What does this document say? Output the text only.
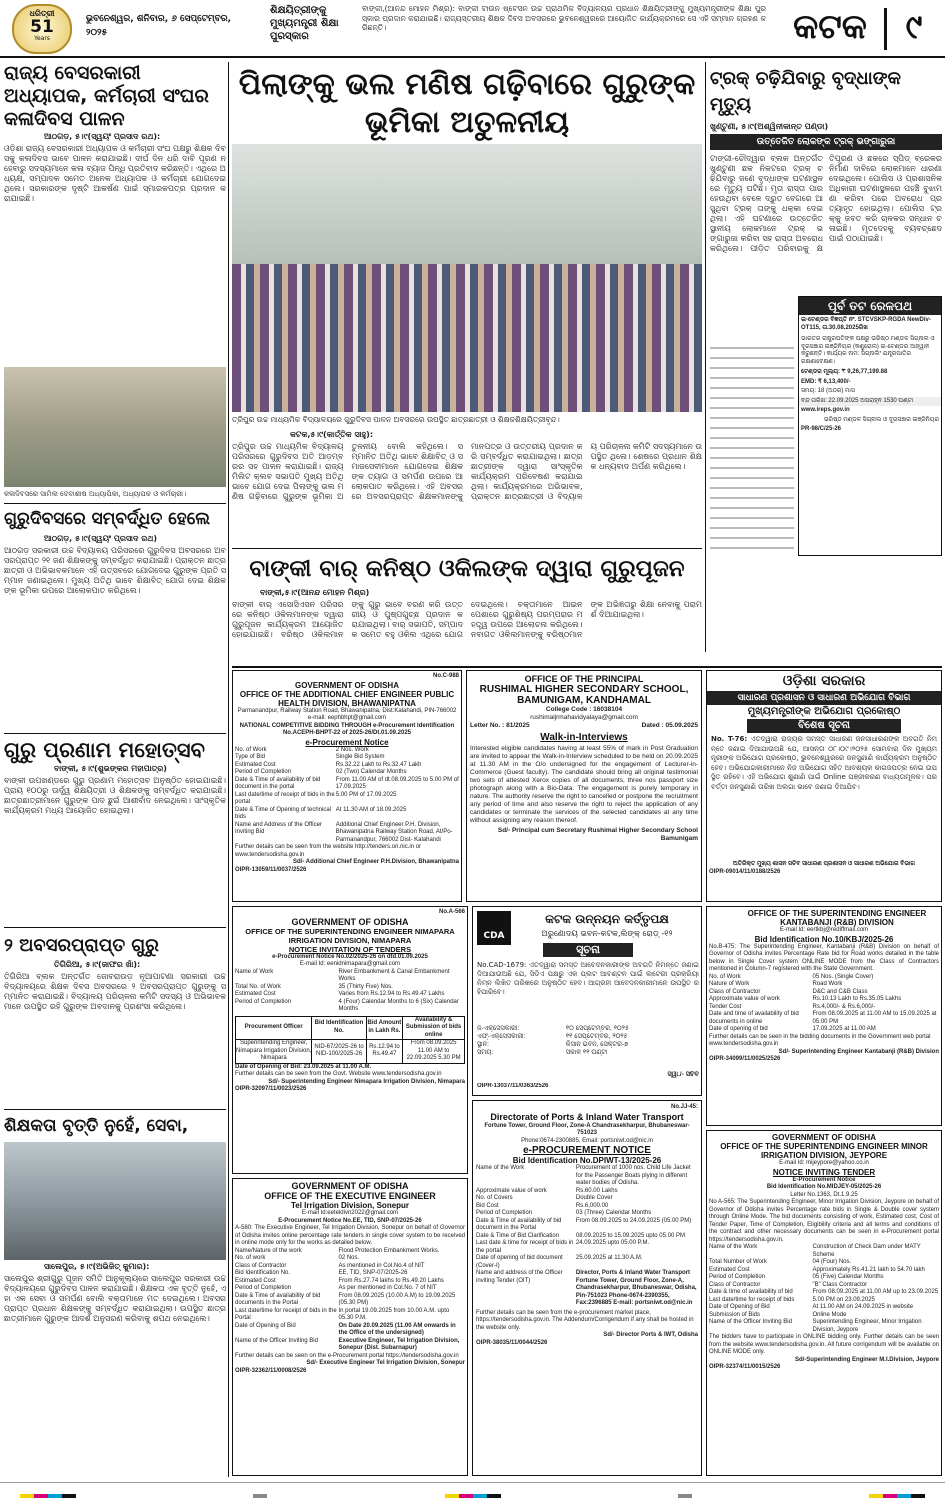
ଧରିତ୍ରୀ
51
Years
ଭୁବନେଶ୍ୱର, ଶନିବାର, ୬ ସେପ୍ଟେମ୍ବର, ୨୦୨୫
ଶିକ୍ଷୟିତ୍ରୀଙ୍କୁ ମୁଖ୍ୟମନ୍ତ୍ରୀ ଶିକ୍ଷା ପୁରସ୍କାର
ବାଙ୍କୀ,(ଆନନ୍ଦ ମୋହନ ମିଶ୍ର): ବାଙ୍କୀ ଟାଉନ ଷ୍ଟେସନ ଉଚ୍ଚ ପ୍ରାଥମିକ ବିଦ୍ୟାଳୟର ପ୍ରଧାନ ଶିକ୍ଷୟିତ୍ରୀଙ୍କୁ ମୁଖ୍ୟମନ୍ତ୍ରୀଙ୍କ ଶିକ୍ଷା ପୁରସ୍କାର ପ୍ରଦାନ କରାଯାଇଛି। ରାଜ୍ୟସ୍ତରୀୟ ଶିକ୍ଷକ ଦିବସ ଅବସରରେ ଭୁବନେଶ୍ୱରରେ ଆୟୋଜିତ କାର୍ଯ୍ୟକ୍ରମରେ ସେ ଏହି ସମ୍ମାନ ଗ୍ରହଣ କରିଛନ୍ତି।	କଟକ	୯
ରାଜ୍ୟ ବେସରକାରୀ ଅଧ୍ୟାପକ, କର୍ମଚାରୀ ସଂଘର କଳାଦିବସ ପାଳନ
ଆଠଗଡ଼, ୫।୯(ସ୍ୱୟଂ ପ୍ରସାଦ ରଥ):
ଓଡ଼ିଶା ରାଜ୍ୟ ବେସରକାରୀ ଅଧ୍ୟାପକ ଓ କର୍ମଚାରୀ ସଂଘ ପକ୍ଷରୁ ଶିକ୍ଷକ ଦିବସକୁ କଳାଦିବସ ଭାବେ ପାଳନ କରାଯାଇଛି। ଦୀର୍ଘ ଦିନ ଧରି ଦାବି ପୂରଣ ନ ହେବାରୁ ସଦସ୍ୟମାନେ କଳା ବ୍ୟାଜ ପିନ୍ଧି ପ୍ରତିବାଦ କରିଛନ୍ତି। ଏଥିରେ ଅଧ୍ୟକ୍ଷ, ସମ୍ପାଦକ ସମେତ ଅନେକ ଅଧ୍ୟାପକ ଓ କର୍ମଚାରୀ ଯୋଗଦେଇଥିଲେ। ସରକାରଙ୍କ ଦୃଷ୍ଟି ଆକର୍ଷଣ ପାଇଁ ସ୍ମାରକପତ୍ର ପ୍ରଦାନ କରାଯାଇଛି।
କଳାଦିବସରେ ସାମିଲ ଦେବାଶୀଷ ଅଧ୍ୟାପିକା, ଅଧ୍ୟାପକ ଓ କର୍ମଚାରୀ।
ଗୁରୁଦିବସରେ ସମ୍ବର୍ଦ୍ଧିତ ହେଲେ
ଆଠଗଡ଼, ୫।୯(ସ୍ୱୟଂ ପ୍ରସାଦ ରଥ)
ଆଠଗଡ଼ ସରକାରୀ ଉଚ୍ଚ ବିଦ୍ୟାଳୟ ପରିସରରେ ଗୁରୁଦିବସ ଅବସରରେ ଅବସରପ୍ରାପ୍ତ ୨୧ ଜଣ ଶିକ୍ଷକଙ୍କୁ ସମ୍ବର୍ଦ୍ଧିତ କରାଯାଇଛି। ପ୍ରାକ୍ତନ ଛାତ୍ରଛାତ୍ରୀ ଓ ଅଭିଭାବକମାନେ ଏହି ଉତ୍ସବରେ ଯୋଗଦେଇ ଗୁରୁଙ୍କ ପ୍ରତି ସମ୍ମାନ ଜଣାଇଥିଲେ। ମୁଖ୍ୟ ଅତିଥି ଭାବେ ଶିକ୍ଷାବିତ୍ ଯୋଗ ଦେଇ ଶିକ୍ଷକଙ୍କ ଭୂମିକା ଉପରେ ଆଲୋକପାତ କରିଥିଲେ।
ଗୁରୁ ପ୍ରଣାମ ମହୋତ୍ସବ
ବାଙ୍କୀ, ୫।୯(ଶୁଭଙ୍କର ମହାପାତ୍ର)
ବାଙ୍କୀ ଉପଖଣ୍ଡରେ ଗୁରୁ ପ୍ରଣାମ ମହୋତ୍ସବ ଅନୁଷ୍ଠିତ ହୋଇଯାଇଛି। ପ୍ରାୟ ୧୦୦ରୁ ଊର୍ଦ୍ଧ୍ୱ ଶିକ୍ଷୟିତ୍ରୀ ଓ ଶିକ୍ଷକଙ୍କୁ ସମ୍ବର୍ଦ୍ଧିତ କରାଯାଇଛି। ଛାତ୍ରଛାତ୍ରୀମାନେ ଗୁରୁଙ୍କ ପାଦ ଛୁଇଁ ଆଶୀର୍ବାଦ ନେଇଥିଲେ। ସାଂସ୍କୃତିକ କାର୍ଯ୍ୟକ୍ରମ ମଧ୍ୟ ଆୟୋଜିତ ହୋଇଥିଲା।
୨ ଅବସରପ୍ରାପ୍ତ ଗୁରୁ
ତିଗିରିଆ, ୫।୯(ଜାଫର ଖାଁ):
ତିଗିରିଆ ବ୍ଲକ ଅନ୍ତର୍ଗତ ଜୋବରାଉଡ଼ ନୂଆପାଟଣା ସରକାରୀ ଉଚ୍ଚ ବିଦ୍ୟାଳୟରେ ଶିକ୍ଷକ ଦିବସ ଅବସରରେ ୨ ଅବସରପ୍ରାପ୍ତ ଗୁରୁଙ୍କୁ ସମ୍ମାନିତ କରାଯାଇଛି। ବିଦ୍ୟାଳୟ ପରିଚାଳନା କମିଟି ସଦସ୍ୟ ଓ ଅଭିଭାବକମାନେ ଉପସ୍ଥିତ ରହି ଗୁରୁଙ୍କ ଅବଦାନକୁ ପ୍ରଶଂସା କରିଥିଲେ।
ଶିକ୍ଷକତା ବୃତ୍ତି ନୁହେଁ, ସେବା,
ସାଲେପୁର, ୫।୯(ଅଭିଜିତ୍ କୁମାର):
ସାଲେପୁର ଶ୍ରୀଗୁରୁ ପୂଜନ ସମିତି ଆନୁକୂଲ୍ୟରେ ସାଲେପୁର ସରକାରୀ ଉଚ୍ଚ ବିଦ୍ୟାଳୟରେ ଗୁରୁଦିବସ ପାଳନ କରାଯାଇଛି। ଶିକ୍ଷକତା ଏକ ବୃତ୍ତି ନୁହେଁ, ଏହା ଏକ ସେବା ଓ ସମର୍ପଣ ବୋଲି ବକ୍ତାମାନେ ମତ ଦେଇଥିଲେ। ଅବସରପ୍ରାପ୍ତ ପ୍ରଧାନ ଶିକ୍ଷକଙ୍କୁ ସମ୍ବର୍ଦ୍ଧିତ କରାଯାଇଥିଲା। ଉପସ୍ଥିତ ଛାତ୍ରଛାତ୍ରୀମାନେ ଗୁରୁଙ୍କ ଆଦର୍ଶ ଅନୁସରଣ କରିବାକୁ ଶପଥ ନେଇଥିଲେ।
ପିଲାଙ୍କୁ ଭଲ ମଣିଷ ଗଢ଼ିବାରେ ଗୁରୁଙ୍କ ଭୂମିକା ଅତୁଳନୀୟ
ତ୍ରିପୁର ଉଚ୍ଚ ମାଧ୍ୟମିକ ବିଦ୍ୟାଳୟରେ ଗୁରୁଦିବସ ପାଳନ ଅବସରରେ ଉପସ୍ଥିତ ଛାତ୍ରଛାତ୍ରୀ ଓ ଶିକ୍ଷକଶିକ୍ଷୟିତ୍ରୀବୃନ୍ଦ।
କଟକ,୫।୯(କାର୍ତ୍ତିକ ସାହୁ):
ତ୍ରିପୁର ଉଚ୍ଚ ମାଧ୍ୟମିକ ବିଦ୍ୟାଳୟ ପରିସରରେ ଗୁରୁଦିବସ ଅତି ଆଡ଼ମ୍ବରର ସହ ପାଳନ କରାଯାଇଛି। ରାଜ୍ୟ ମିଲିଟ କ୍ଲବ ସଭାପତି ମୁଖ୍ୟ ଅତିଥି ଭାବେ ଯୋଗ ଦେଇ ପିଲାଙ୍କୁ ଭଲ ମଣିଷ ଗଢ଼ିବାରେ ଗୁରୁଙ୍କ ଭୂମିକା ଅତୁଳନୀୟ ବୋଲି କହିଥିଲେ। ସମ୍ମାନିତ ଅତିଥି ଭାବେ ଶିକ୍ଷାବିତ୍ ଓ ସମାଜସେବୀମାନେ ଯୋଗଦେଇ ଶିକ୍ଷକଙ୍କ ତ୍ୟାଗ ଓ ସମର୍ପଣ ଉପରେ ଆଲୋକପାତ କରିଥିଲେ। ଏହି ଅବସରରେ ଅବସରପ୍ରାପ୍ତ ଶିକ୍ଷକମାନଙ୍କୁ ମାନପତ୍ର ଓ ଉତ୍ତରୀୟ ପ୍ରଦାନ କରି ସମ୍ବର୍ଦ୍ଧିତ କରାଯାଇଥିଲା। ଛାତ୍ରଛାତ୍ରୀଙ୍କ ଦ୍ୱାରା ସାଂସ୍କୃତିକ କାର୍ଯ୍ୟକ୍ରମ ପରିବେଷଣ କରାଯାଇଥିଲା। କାର୍ଯ୍ୟକ୍ରମରେ ଅଭିଭାବକ, ପ୍ରାକ୍ତନ ଛାତ୍ରଛାତ୍ରୀ ଓ ବିଦ୍ୟାଳୟ ପରିଚାଳନା କମିଟି ସଦସ୍ୟମାନେ ଉପସ୍ଥିତ ଥିଲେ। ଶେଷରେ ପ୍ରଧାନ ଶିକ୍ଷକ ଧନ୍ୟବାଦ ଅର୍ପଣ କରିଥିଲେ।
ଟ୍ରକ୍ ଚଢ଼ିଯିବାରୁ ବୃଦ୍ଧାଙ୍କ ମୃତ୍ୟୁ
ଖୁଣ୍ଟୁଣୀ, ୫।୯(ଅଶ୍ୱିନୀକାନ୍ତ ପଣ୍ଡା)
ଉତ୍ତେଜିତ ଲୋକଙ୍କ ଟ୍ରକ୍ ଭଙ୍ଗାରୁଜା
ଟାଙ୍ଗୀ-ଚୌଦ୍ୱାର ବ୍ଲକ ଅନ୍ତର୍ଗତ ଖୁଣ୍ଟୁଣୀ ଛକ ନିକଟରେ ଟ୍ରକ୍ ଚଢ଼ିଯିବାରୁ ଜଣେ ବୃଦ୍ଧାଙ୍କ ଘଟଣାସ୍ଥଳରେ ମୃତ୍ୟୁ ଘଟିଛି। ମୃତା ରାସ୍ତା ପାର ହେଉଥିବା ବେଳେ ଦ୍ରୁତ ବେଗରେ ଆସୁଥିବା ଟ୍ରକ୍ ତାଙ୍କୁ ଧକ୍କା ଦେଇଥିଲା। ଏହି ଘଟଣାରେ ଉତ୍ତେଜିତ ସ୍ଥାନୀୟ ଲୋକମାନେ ଟ୍ରକ୍ ଭଙ୍ଗାରୁଜା କରିବା ସହ ରାସ୍ତା ଅବରୋଧ କରିଥିଲେ। ପୀଡ଼ିତ ପରିବାରକୁ କ୍ଷତିପୂରଣ ଓ ଛକରେ ସ୍ପିଡ୍ ବ୍ରେକର ନିର୍ମାଣ ଦାବିରେ ଲୋକମାନେ ଧାରଣା ଦେଇଥିଲେ। ପୋଲିସ ଓ ପ୍ରଶାସନିକ ଅଧିକାରୀ ଘଟଣାସ୍ଥଳରେ ପହଞ୍ଚି ବୁଝାମଣା କରିବା ପରେ ଅବରୋଧ ପ୍ରତ୍ୟାହୃତ ହୋଇଥିଲା। ପୋଲିସ ଟ୍ରକ୍କୁ ଜବତ କରି ଚାଳକର ସନ୍ଧାନ ଚଳାଇଛି। ମୃତଦେହକୁ ବ୍ୟବଚ୍ଛେଦ ପାଇଁ ପଠାଯାଇଛି।
ପୂର୍ବ ତଟ ରେଳପଥ
ଇ-ଟେଣ୍ଡର ବିଜ୍ଞପ୍ତି ନଂ. STCVSKP-RGDA NewDiv-OT115, ତା.30.08.2025ରିଖ
ଭାରତର ରାଷ୍ଟ୍ରପତିଙ୍କ ପକ୍ଷରୁ ଭରିଷ୍ଠ ମଣ୍ଡଳ ସିଗ୍ନାଲ ଓ ଦୂରସଞ୍ଚାର ଇଞ୍ଜିନିୟର (କଣ୍ଟ୍ରୋଲ) ଇ-ଟେଣ୍ଡର ଆହ୍ୱାନ କରୁଛନ୍ତି। କାର୍ଯ୍ୟର ନାମ: ସିଗ୍ନାଲିଂ ଯନ୍ତ୍ରପାତିର ରକ୍ଷଣାବେକ୍ଷଣ।
ଟେଣ୍ଡର ମୂଲ୍ୟ: ₹ 9,26,77,199.88
EMD: ₹ 6,13,400/-
ସମୟ: 18 (ଅଠର) ମାସ
ବନ୍ଦ ତାରିଖ: 22.09.2025 ଅପରାହ୍ନ 1530 ଘଣ୍ଟା
www.ireps.gov.in
ଭରିଷ୍ଠ ମଣ୍ଡଳ ସିଗ୍ନାଲ ଓ ଦୂରସଞ୍ଚାର ଇଞ୍ଜିନିୟର
PR-98/C/25-26
ବାଙ୍କୀ ବାର୍ କନିଷ୍ଠ ଓକିଲଙ୍କ ଦ୍ୱାରା ଗୁରୁପୂଜନ
ବାଙ୍କୀ,୫।୯(ଆନନ୍ଦ ମୋହନ ମିଶ୍ର)
ବାଙ୍କୀ ବାର୍ ଏସୋସିଏସନ ପରିସରରେ କନିଷ୍ଠ ଓକିଲମାନଙ୍କ ଦ୍ୱାରା ଗୁରୁପୂଜନ କାର୍ଯ୍ୟକ୍ରମ ଆୟୋଜିତ ହୋଇଯାଇଛି। ବରିଷ୍ଠ ଓକିଲମାନଙ୍କୁ ଗୁରୁ ଭାବେ ବରଣ କରି ଉତ୍ତରୀୟ ଓ ପୁଷ୍ପଗୁଚ୍ଛ ପ୍ରଦାନ କରାଯାଇଥିଲା। ବାର୍ ସଭାପତି, ସମ୍ପାଦକ ସମେତ ବହୁ ଓକିଲ ଏଥିରେ ଯୋଗଦେଇଥିଲେ। ବକ୍ତାମାନେ ଆଇନ ପେଶାରେ ଗୁରୁଶିଷ୍ୟ ପରମ୍ପରାର ମହତ୍ତ୍ୱ ଉପରେ ଆଲୋଚନା କରିଥିଲେ। ନବାଗତ ଓକିଲମାନଙ୍କୁ ବରିଷ୍ଠମାନଙ୍କ ଅଭିଜ୍ଞତାରୁ ଶିକ୍ଷା ନେବାକୁ ପରାମର୍ଶ ଦିଆଯାଇଥିଲା।
No.C-988
GOVERNMENT OF ODISHA
OFFICE OF THE ADDITIONAL CHIEF ENGINEER PUBLIC HEALTH DIVISION, BHAWANIPATNA
Parmanandpur, Railway Station Road, Bhawanipatna, Dist:Kalahandi, PIN-766002
e-mail: eephbhpt@gmail.com
NATIONAL COMPETITIVE BIDDING THROUGH e-Procurement Identification No.ACEPH-BHPT-22 of 2025-26/Dt.01.09.2025
e-Procurement Notice
No. of Work	2 Nos. Work
Type of Bid	Single Bid System
Estimated Cost	Rs.32.22 Lakh to Rs.32.47 Lakh
Period of Completion	02 (Two) Calendar Months
Date & Time of availability of bid document in the portal
From 11.00 AM of dt.08.09.2025 to 5.00 PM of 17.09.2025
Last date/time of receipt of bids in the portal
5.00 PM of 17.09.2025
Date & Time of Opening of technical bids
At 11.30 AM of 18.09.2025
Name and Address of the Officer Inviting Bid
Additional Chief Engineer P.H. Division, Bhawanipatna Railway Station Road, At/Po- Parmanandpur, 766002 Dist- Kalahandi
Further details can be seen from the website http://tenders.ori.nic.in or www.tendersodisha.gov.in
Sd/- Additional Chief Engineer P.H.Division, Bhawanipatna
OIPR-13059/11/0037/2526
OFFICE OF THE PRINCIPAL
RUSHIMAL HIGHER SECONDARY SCHOOL, BAMUNIGAM, KANDHAMAL
College Code : 16038104
rushimaljrmahavidyalaya@gmail.com
Letter No. : 81/2025	Dated : 05.09.2025
Walk-in-Interviews
Interested eligible candidates having at least 55% of mark in Post Graduation are invited to appear the Walk-in-Interview scheduled to be held on 20.09.2025 at 11.30 AM in the O/o undersigned for the engagement of Lecturer-in-Commerce (Guest faculty). The candidate should bring all original testimonial two sets of attested Xerox copies of all documents, three nos passport size photograph along with a Bio-Data. The engagement is purely temporary in nature. The authority reserve the right to cancelled or postpone the recruitment any period of time and also reserve the right to reject the application of any candidates or terminate the services of the selected candidates at any time without assigning any reason thereof.
Sd/- Principal cum Secretary Rushimal Higher Secondary School Bamunigam
ଓଡ଼ିଶା ସରକାର
ସାଧାରଣ ପ୍ରଶାସନ ଓ ସାଧାରଣ ଅଭିଯୋଗ ବିଭାଗ
ମୁଖ୍ୟମନ୍ତ୍ରୀଙ୍କ ଅଭିଯୋଗ ପ୍ରକୋଷ୍ଠ
ବିଶେଷ ସୂଚନା
No. T-76: ଏତଦ୍ୱାରା ରାଜ୍ୟର ସମସ୍ତ ସାଧାରଣ ଜନସାଧାରଣଙ୍କ ଅବଗତି ନିମନ୍ତେ ଜଣାଇ ଦିଆଯାଉଅଛି ଯେ, ଆସନ୍ତା ୦୮।୦୯।୨୦୨୫ ସୋମବାର ଦିନ ମୁଖ୍ୟମନ୍ତ୍ରୀଙ୍କ ଅଭିଯୋଗ ପ୍ରକୋଷ୍ଠ, ଭୁବନେଶ୍ୱରରେ ଜନସୁଣାଣି କାର୍ଯ୍ୟକ୍ରମ ଅନୁଷ୍ଠିତ ହେବ। ଅଭିଯୋଗକାରୀମାନେ ନିଜ ଅଭିଯୋଗ ସହିତ ଆବଶ୍ୟକ କାଗଜପତ୍ର ନେଇ ଉପସ୍ଥିତ ରହିବେ। ଏହି ଅଭିଯୋଗ ଶୁଣାଣି ପାଇଁ Online ପଞ୍ଜୀକରଣ ବାଧ୍ୟତାମୂଳକ। ପରବର୍ତ୍ତୀ ଜନସୁଣାଣି ତାରିଖ ଅଲଗା ଭାବେ ଜଣାଇ ଦିଆଯିବ।
ଅତିରିକ୍ତ ମୁଖ୍ୟ ଶାସନ ସଚିବ ସାଧାରଣ ପ୍ରଶାସନ ଓ ସାଧାରଣ ଅଭିଯୋଗ ବିଭାଗ
OIPR-09014/11/0188/2526
No.A-566
GOVERNMENT OF ODISHA
OFFICE OF THE SUPERINTENDING ENGINEER NIMAPARA IRRIGATION DIVISION, NIMAPARA
NOTICE INVITATION OF TENDERS
e-Procurement Notice No.02/2025-26 on dtd.01.09.2025
E-mail Id: eenidnimapara@gmail.com
Name of Work	River Embankment & Canal Embankment Works
Total No. of Work	35 (Thirty Five) Nos.
Estimated Cost	Varies from Rs.12.94 to Rs.49.47 Lakhs
Period of Completion	4 (Four) Calendar Months to 6 (Six) Calendar Months
Procurement Officer	Bid Identification No.	Bid Amount in Lakh Rs.	Availability & Submission of bids online
Superintending Engineer, Nimapara Irrigation Division, Nimapara	NID-67/2025-26 to NID-100/2025-26	Rs.12.94 to Rs.49.47	From 08.09.2025 11.00 AM to 22.09.2025 5.30 PM
Date of Opening of Bid: 23.09.2025 at 11.00 A.M.
Further details can be seen from the Govt. Website www.tendersodisha.gov.in
Sd/- Superintending Engineer Nimapara Irrigation Division, Nimapara
OIPR-32097/11/0023/2526
CDA
କଟକ ଉନ୍ନୟନ କର୍ତ୍ତୃପକ୍ଷ
ଅରୁଣୋଦୟ ଭବନ-କଟକ,ଲିଙ୍କ୍ ରୋଡ଼୍ -୧୨
ସୂଚନା
No.CAD-1679: ଏତଦ୍ୱାରା ସମସ୍ତ ଆବେଦନକାରୀଙ୍କ ଅବଗତି ନିମନ୍ତେ ଜଣାଇ ଦିଆଯାଉଅଛି ଯେ, ସିଡିଏ ପକ୍ଷରୁ ଏକ ପ୍ଲଟ ଆବଣ୍ଟନ ପାଇଁ ଲଟେରୀ ପ୍ରକ୍ରିୟା ନିମ୍ନ ଲିଖିତ ତାରିଖରେ ଅନୁଷ୍ଠିତ ହେବ। ଆଗ୍ରହୀ ଆବେଦନକାରୀମାନେ ଉପସ୍ଥିତ ରହିପାରିବେ।
ଜି-ଏକ୍ସେସକାରୀ:	୧୦ ସେପ୍ଟେମ୍ବର, ୨୦୨୫
ଏଫ୍-ଏକ୍ସେସକାରୀ:	୧୧ ସେପ୍ଟେମ୍ବର, ୨୦୨୫
ସ୍ଥାନ:	କିସାନ ଭବନ, ସେକ୍ଟର-୭
ସମୟ:	ସକାଳ ୧୧ ଘଣ୍ଟା
ସ୍ୱା./- ସଚିବ
OIPR-13037/11/0363/2526
OFFICE OF THE SUPERINTENDING ENGINEER KANTABANJI (R&B) DIVISION
E-mail Id: eertkbj@rediffmail.com
Bid Identification No.10/KBJ/2025-26
No.B-475: The Superintending Engineer, Kantabanji (R&B) Division on behalf of Governor of Odisha invites Percentage Rate bid for Road works detailed in the table below in Single Cover system ONLINE MODE from the Class of Contractors mentioned in Column-7 registered with the State Government.
No. of Work	05 Nos. (Single Cover)
Nature of Work	Road Work
Class of Contractor	D&C and C&B Class
Approximate value of work	Rs.10.13 Lakh to Rs.35.05 Lakhs
Tender Cost	Rs.4,000/- & Rs.6,000/-
Date and time of availability of bid documents in online
From 08.09.2025 at 11.00 AM to 15.09.2025 at 05.00 PM
Date of opening of bid	17.09.2025 at 11.00 AM
Further details can be seen in the bidding documents in the Government web portal www.tendersodisha.gov.in
Sd/- Superintending Engineer Kantabanji (R&B) Division
OIPR-34099/11/0025/2526
No.JJ-45:
Directorate of Ports & Inland Water Transport
Fortune Tower, Ground Floor, Zone-A Chandrasekharpur, Bhubaneswar-751023
Phone:0674-2300885, Email: portsniwt.od@nic.in
e-PROCUREMENT NOTICE
Bid Identification No.DPIWT-13/2025-26
Name of the Work	Procurement of 1000 nos. Child Life Jacket for the Passenger Boats plying in different water bodies of Odisha.
Approximate value of work	Rs.60.00 Lakhs
No. of Covers	Double Cover
Bid Cost	Rs.6,000.00
Period of Completion	03 (Three) Calendar Months
Date & Time of availability of bid document in the Portal
From 08.09.2025 to 24.09.2025 (05.00 PM)
Date & Time of Bid Clarification	08.09.2025 to 15.09.2025 upto 05.00 PM
Last date & time for receipt of bids in the portal
24.09.2025 upto 05.00 P.M.
Date of opening of bid document (Cover-I)
25.09.2025 at 11.30 A.M.
Name and address of the Officer inviting Tender (OIT)
Director, Ports & Inland Water Transport Fortune Tower, Ground Floor, Zone-A, Chandrasekharpur, Bhubaneswar, Odisha, Pin-751023 Phone-0674-2390355, Fax:2396885 E-mail: portsniwt.od@nic.in
Further details can be seen from the e-procurement market place, https://tendersodisha.gov.in. The Addendum/Corrigendum if any shall be hosted in the website only.
Sd/- Director Ports & IWT, Odisha
OIPR-38035/11/0044/2526
GOVERNMENT OF ODISHA
OFFICE OF THE EXECUTIVE ENGINEER
Tel Irrigation Division, Sonepur
E-mail Id:eeteldivn2022@gmail.com
E-Procurement Notice No.EE, TID, SNP-07/2025-26
A-580: The Executive Engineer, Tel Irrigation Division, Sonepur on behalf of Governor of Odisha invites online percentage rate tenders in single cover system to be received in online mode only for the works as detailed below.
Name/Nature of the work	Flood Protection Embankment Works.
No. of work	02 Nos.
Class of Contractor	As mentioned in Col.No.4 of NIT
Bid Identification No.	EE, TID, SNP-07/2025-26
Estimated Cost	From Rs.27.74 lakhs to Rs.49.20 Lakhs
Period of Completion	As per mentioned in Col.No. 7 of NIT
Date & Time of availability of bid documents in the Portal
From 08.09.2025 (10.00 A.M) to 19.09.2025 (05.30 PM)
Last date/time for receipt of bids in the Portal
In portal 19.09.2025 from 10.00 A.M. upto 05.30 P.M.
Date of Opening of Bid	On Date 20.09.2025 (11.00 AM onwards in the Office of the undersigned)
Name of the Officer Inviting Bid	Executive Engineer, Tel Irrigation Division, Sonepur (Dist. Subarnapur)
Further details can be seen on the e-Procurement portal https://tendersodisha.gov.in
Sd/- Executive Engineer Tel Irrigation Division, Sonepur
OIPR-32362/11/0008/2526
GOVERNMENT OF ODISHA
OFFICE OF THE SUPERINTENDING ENGINEER MINOR IRRIGATION DIVISION, JEYPORE
E-mail Id: mijeypore@yahoo.co.in
NOTICE INVITING TENDER
E-Procurement Notice
Bid Identification No.MIDJEY-05/2025-26
Letter No.1363, Dt.1.9.25
No A-565: The Superintending Engineer, Minor Irrigation Division, Jeypore on behalf of Governor of Odisha invites Percentage rate bids in Single & Double cover system through Online Mode. The bid documents consisting of work, Estimated cost, Cost of Tender Paper, Time of Completion, Eligibility criteria and all terms and conditions of the contract and other necessary documents can be seen in e-Procurement portal https://tendersodisha.gov.in.
Name of the Work	Construction of Check Dam under MATY Scheme
Total Number of Work	04 (Four) Nos.
Estimated Cost	Approximately Rs.41.21 lakh to 54.70 lakh
Period of Completion	05 (Five) Calendar Months
Class of Contractor	"B" Class Contractor
Date & time of availability of bid	From 08.09.2025 at 11.00 AM up to 23.09.2025
Last date/time for receipt of bids	5.00 PM on 23.09.2025
Date of Opening of Bid	At 11.00 AM on 24.09.2025 in website
Submission of Bids	Online Mode
Name of the Officer Inviting Bid	Superintending Engineer, Minor Irrigation Division, Jeypore
The bidders have to participate in ONLINE bidding only. Further details can be seen from the website www.tendersodisha.gov.in. All future corrigendum will be available on ONLINE MODE only.
Sd/-Superintending Engineer M.I.Division, Jeypore
OIPR-32374/11/0015/2526
